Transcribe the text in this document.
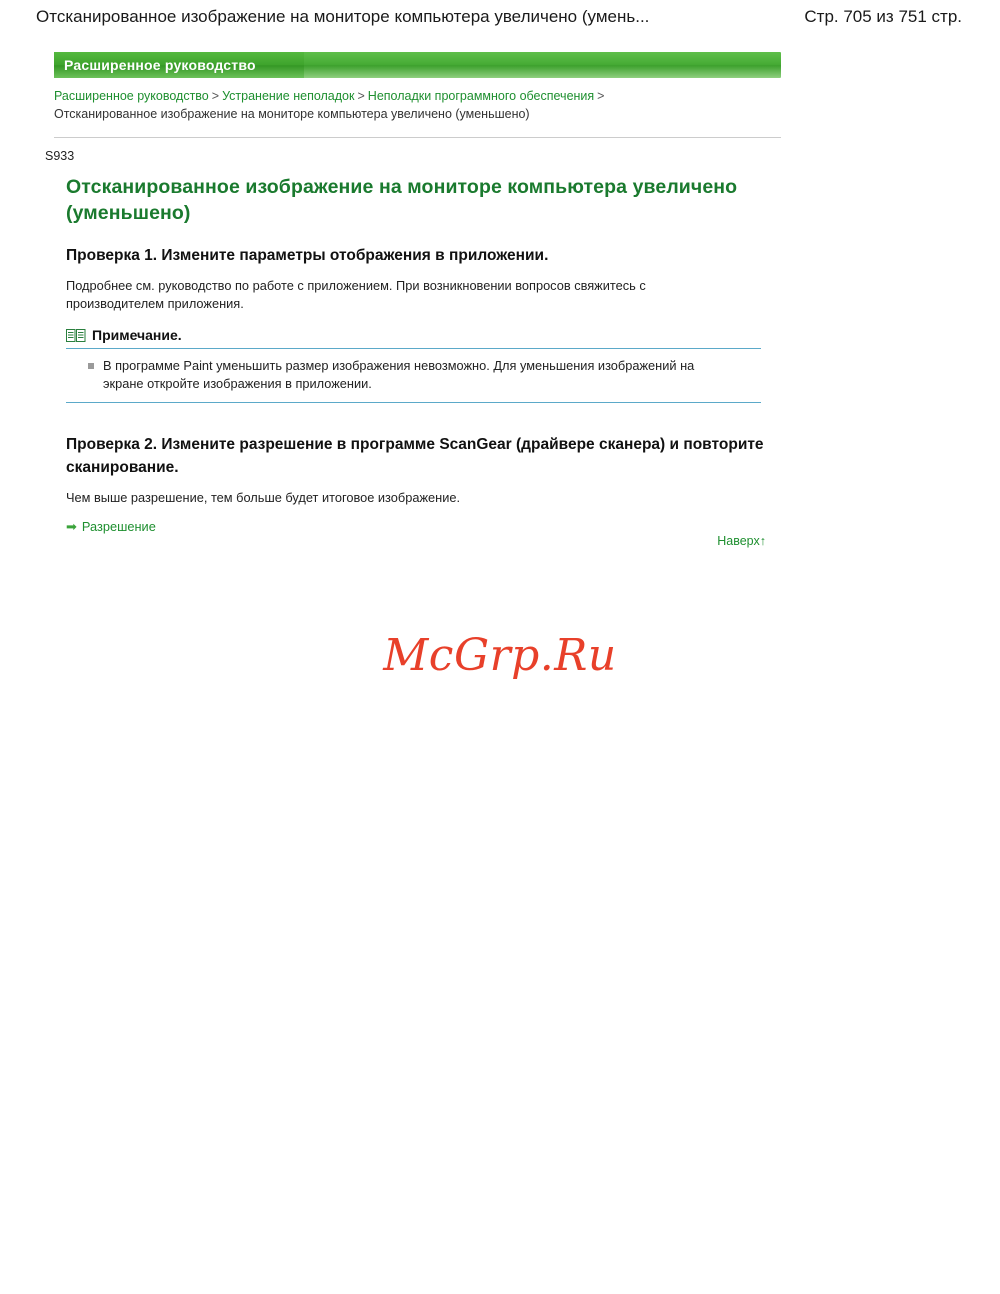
Отсканированное изображение на мониторе компьютера увеличено (умень...	Стр. 705 из 751 стр.
Расширенное руководство
Расширенное руководство > Устранение неполадок > Неполадки программного обеспечения >
Отсканированное изображение на мониторе компьютера увеличено (уменьшено)
S933
Отсканированное изображение на мониторе компьютера увеличено (уменьшено)
Проверка 1. Измените параметры отображения в приложении.

Подробнее см. руководство по работе с приложением. При возникновении вопросов свяжитесь с производителем приложения.

Примечание.
В программе Paint уменьшить размер изображения невозможно. Для уменьшения изображений на экране откройте изображения в приложении.
Проверка 2. Измените разрешение в программе ScanGear (драйвере сканера) и повторите сканирование.

Чем выше разрешение, тем больше будет итоговое изображение.

➡ Разрешение
Наверх↑
McGrp.Ru
